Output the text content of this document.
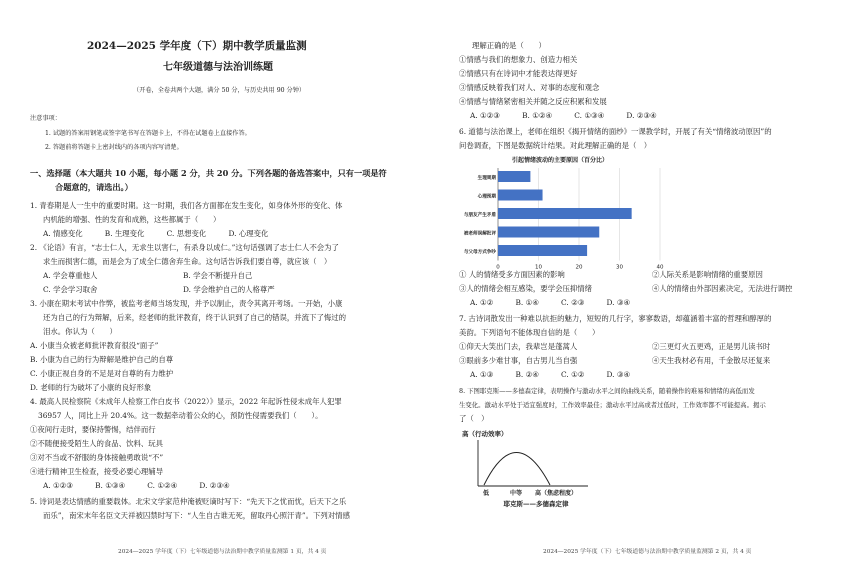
2024—2025 学年度（下）期中教学质量监测
七年级道德与法治训练题
（开卷，全卷共两个大题，满分 50 分，与历史共用 90 分钟）
注意事项：
1. 试题的答案用钢笔或签字笔书写在答题卡上，不得在试题卷上直接作答。
2. 答题前将答题卡上密封线内的各项内容写清楚。
一、选择题（本大题共 10 小题，每小题 2 分，共 20 分。下列各题的备选答案中，只有一项是符
合题意的，请选出。）
1. 青春期是人一生中的重要时期。这一时期，我们各方面都在发生变化，如身体外形的变化、体
内机能的增强、性的发育和成熟，这些都属于（　　）
A. 情感变化　　　B. 生理变化　　　C. 思想变化　　　D. 心理变化
2. 《论语》有言，“志士仁人，无求生以害仁，有杀身以成仁。”这句话强调了志士仁人不会为了
求生而损害仁德，而是会为了成全仁德舍弃生命。这句话告诉我们要自尊，就应该（　）
A. 学会尊重他人	B. 学会不断提升自己
C. 学会学习取舍	D. 学会维护自己的人格尊严
3. 小康在期末考试中作弊，被监考老师当场发现，并予以制止，责令其离开考场。一开始，小康
还为自己的行为辩解，后来，经老师的批评教育，终于认识到了自己的错误，并流下了悔过的
泪水。你认为（　　）
A. 小康当众被老师批评教育很没“面子”
B. 小康为自己的行为辩解是维护自己的自尊
C. 小康正视自身的不足是对自尊的有力维护
D. 老师的行为破坏了小康的良好形象
4. 最高人民检察院《未成年人检察工作白皮书（2022）》显示，2022 年起诉性侵未成年人犯罪
36957 人，同比上升 20.4%。这一数据牵动着公众的心，预防性侵需要我们（　　）。
①夜间行走时，要保持警惕，结伴而行
②不随便接受陌生人的食品、饮料、玩具
③对不当或不舒服的身体接触勇敢说“不”
④进行精神卫生检查，接受必要心理辅导
A. ①②③　　　B. ①③④　　　C. ①②④　　　D. ②③④
5. 诗词是表达情感的重要载体。北宋文学家范仲淹被贬谪时写下：“先天下之忧而忧，后天下之乐
而乐”，南宋末年名臣文天祥被囚禁时写下：“人生自古谁无死，留取丹心照汗青”。下列对情感
2024—2025 学年度（下）七年级道德与法治期中教学质量监测第 1 页，共 4 页
理解正确的是（　　）
①情感与我们的想象力、创造力相关
②情感只有在诗词中才能表达得更好
③情感反映着我们对人、对事的态度和观念
④情感与情绪紧密相关并随之反应积累和发展
A. ①②③　　　B. ①②④　　　C. ①③④　　　D. ②③④
6. 道德与法治课上，老师在组织《揭开情绪的面纱》一课教学时，开展了有关“情绪波动原因”的
问卷调查，下图是数据统计结果。对此理解正确的是（　）
引起情绪波动的主要原因（百分比）
0	10	20	30	40
生理周期
心理预期
与朋友产生矛盾
被老师误解批评
与父母方式争吵
① 人的情绪受多方面因素的影响	②人际关系是影响情绪的重要原因
③人的情绪会相互感染，要学会压抑情绪	④人的情绪由外部因素决定，无法进行调控
A. ①②　　　B. ①④　　　C. ②③　　　D. ③④
7. 古诗词散发出一种难以抗拒的魅力，短短的几行字，寥寥数语，却蕴涵着丰富的哲理和醇厚的
美韵。下列语句不能体现自信的是（　　）
①仰天大笑出门去，我辈岂是蓬蒿人	②三更灯火五更鸡，正是男儿读书时
③眼前多少难甘事，自古男儿当自强	④天生我材必有用，千金散尽还复来
A. ①③　　　B. ②④　　　C. ①②　　　D. ③④
8. 下图耶克斯——多德森定律，表明操作与激动水平之间的曲线关系，随着操作的难易和情绪的高低而发
生变化。激动水平处于适宜强度时，工作效率最佳；激动水平过高或者过低时，工作效率都不可能提高。揭示
了（　）
高（行动效率）
低	中等 高（焦虑程度）
耶克斯——多德森定律
2024—2025 学年度（下）七年级道德与法治期中教学质量监测第 2 页，共 4 页
